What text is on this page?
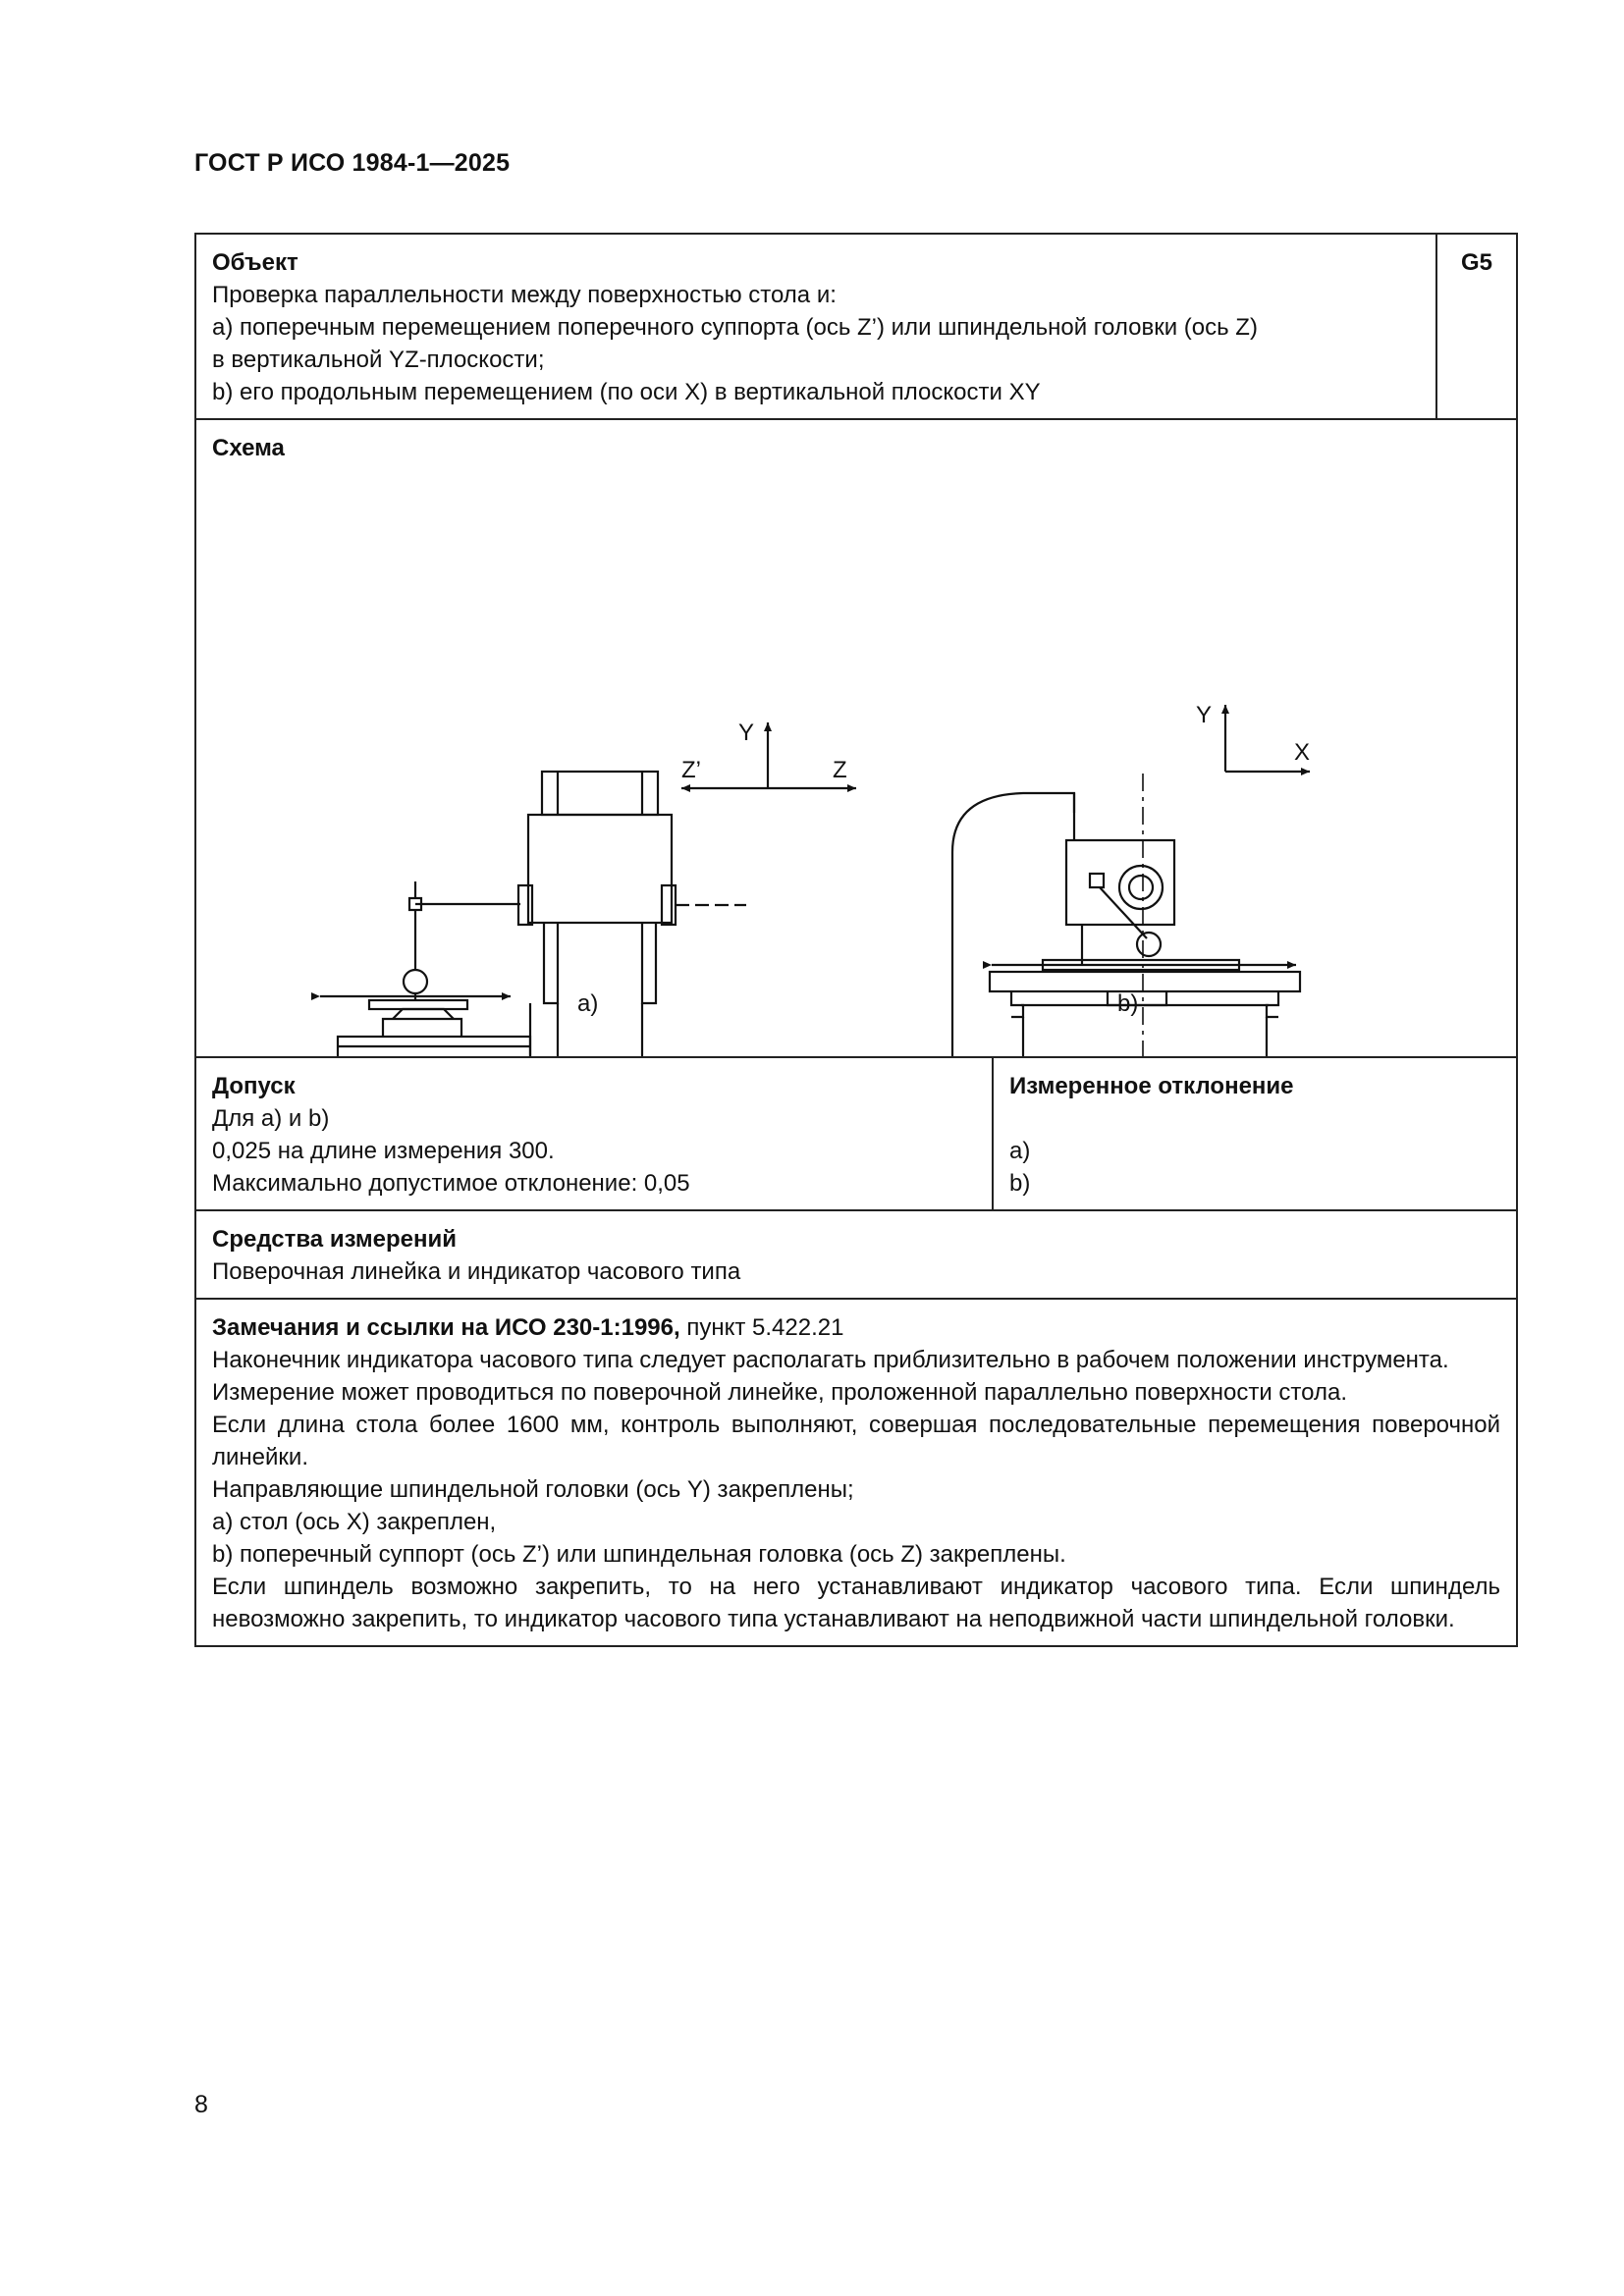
ГОСТ Р ИСО 1984-1—2025
Объект
Проверка параллельности между поверхностью стола и:
а) поперечным перемещением поперечного суппорта (ось Z’) или шпиндельной головки (ось Z)
в вертикальной YZ-плоскости;
b) его продольным перемещением (по оси X) в вертикальной плоскости XY
G5
Схема
Y
Z’	Z
Y
X
a)	b)
Допуск
Для а) и b)
0,025 на длине измерения 300.
Максимально допустимое отклонение: 0,05
Измеренное отклонение
а)
b)
Средства измерений
Поверочная линейка и индикатор часового типа
Замечания и ссылки на ИСО 230-1:1996, пункт 5.422.21
Наконечник индикатора часового типа следует располагать приблизительно в рабочем положении инструмента.
Измерение может проводиться по поверочной линейке, проложенной параллельно поверхности стола.
Если длина стола более 1600 мм, контроль выполняют, совершая последовательные перемещения поверочной линейки.
Направляющие шпиндельной головки (ось Y) закреплены;
а) стол (ось X) закреплен,
b) поперечный суппорт (ось Z’) или шпиндельная головка (ось Z) закреплены.
Если шпиндель возможно закрепить, то на него устанавливают индикатор часового типа. Если шпиндель невозможно закрепить, то индикатор часового типа устанавливают на неподвижной части шпиндельной головки.
8
